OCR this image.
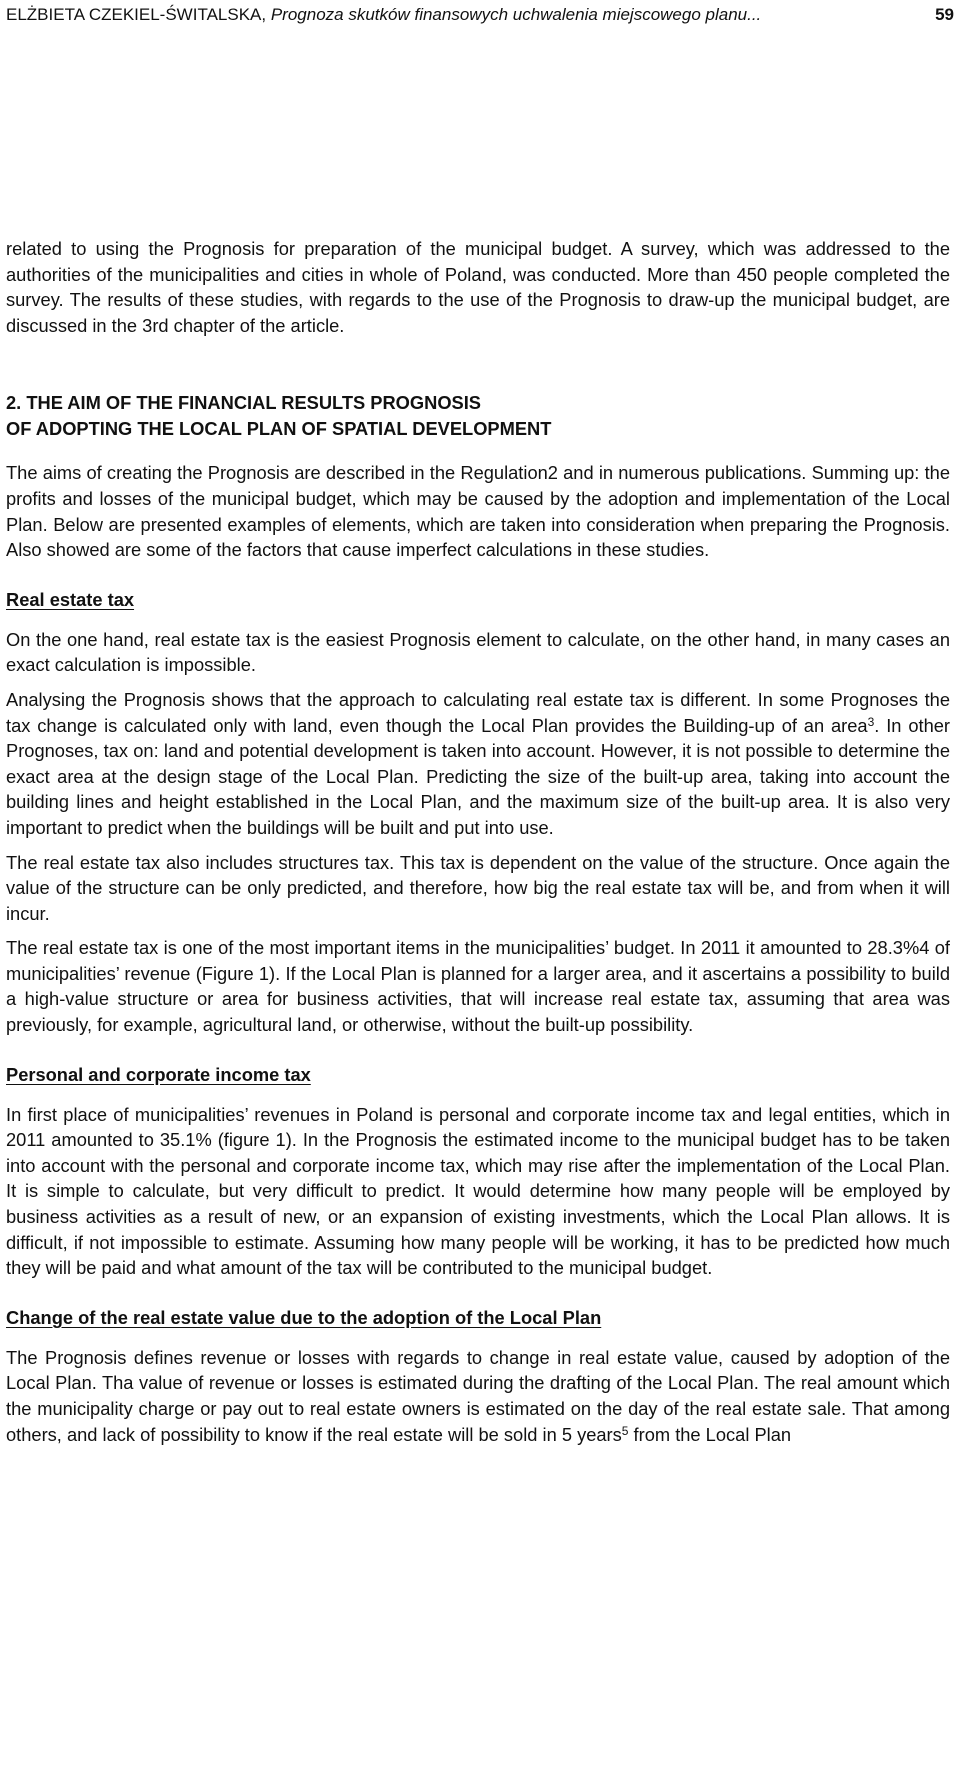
ELŻBIETA CZEKIEL-ŚWITALSKA, Prognoza skutków finansowych uchwalenia miejscowego planu...	59

related to using the Prognosis for preparation of the municipal budget. A survey, which was addressed to the authorities of the municipalities and cities in whole of Poland, was conducted. More than 450 people completed the survey. The results of these studies, with regards to the use of the Prognosis to draw-up the municipal budget, are discussed in the 3rd chapter of the article.

2. THE AIM OF THE FINANCIAL RESULTS PROGNOSIS
OF ADOPTING THE LOCAL PLAN OF SPATIAL DEVELOPMENT

The aims of creating the Prognosis are described in the Regulation2 and in numerous publications. Summing up: the profits and losses of the municipal budget, which may be caused by the adoption and implementation of the Local Plan. Below are presented examples of elements, which are taken into consideration when preparing the Prognosis. Also showed are some of the factors that cause imperfect calculations in these studies.

Real estate tax

On the one hand, real estate tax is the easiest Prognosis element to calculate, on the other hand, in many cases an exact calculation is impossible.

Analysing the Prognosis shows that the approach to calculating real estate tax is different. In some Prognoses the tax change is calculated only with land, even though the Local Plan provides the Building-up of an area$^3$. In other Prognoses, tax on: land and potential development is taken into account. However, it is not possible to determine the exact area at the design stage of the Local Plan. Predicting the size of the built-up area, taking into account the building lines and height established in the Local Plan, and the maximum size of the built-up area. It is also very important to predict when the buildings will be built and put into use.

The real estate tax also includes structures tax. This tax is dependent on the value of the structure. Once again the value of the structure can be only predicted, and therefore, how big the real estate tax will be, and from when it will incur.

The real estate tax is one of the most important items in the municipalities’ budget. In 2011 it amounted to 28.3%4 of municipalities’ revenue (Figure 1). If the Local Plan is planned for a larger area, and it ascertains a possibility to build a high-value structure or area for business activities, that will increase real estate tax, assuming that area was previously, for example, agricultural land, or otherwise, without the built-up possibility.

Personal and corporate income tax

In first place of municipalities’ revenues in Poland is personal and corporate income tax and legal entities, which in 2011 amounted to 35.1% (figure 1). In the Prognosis the estimated income to the municipal budget has to be taken into account with the personal and corporate income tax, which may rise after the implementation of the Local Plan. It is simple to calculate, but very difficult to predict. It would determine how many people will be employed by business activities as a result of new, or an expansion of existing investments, which the Local Plan allows. It is difficult, if not impossible to estimate. Assuming how many people will be working, it has to be predicted how much they will be paid and what amount of the tax will be contributed to the municipal budget.

Change of the real estate value due to the adoption of the Local Plan

The Prognosis defines revenue or losses with regards to change in real estate value, caused by adoption of the Local Plan. Tha value of revenue or losses is estimated during the drafting of the Local Plan. The real amount which the municipality charge or pay out to real estate owners is estimated on the day of the real estate sale. That among others, and lack of possibility to know if the real estate will be sold in 5 years$^5$ from the Local Plan
